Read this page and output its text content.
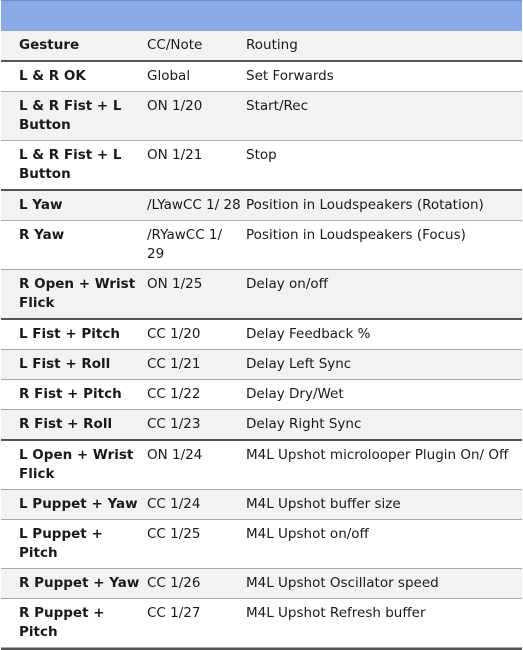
Gesture	CC/Note	Routing
L & R OK	Global	Set Forwards
L & R Fist + L Button	ON 1/20	Start/Rec
L & R Fist + L Button	ON 1/21	Stop
L Yaw	/LYawCC 1/ 28	Position in Loudspeakers (Rotation)
R Yaw	/RYawCC 1/ 29	Position in Loudspeakers (Focus)
R Open + Wrist Flick	ON 1/25	Delay on/off
L Fist + Pitch	CC 1/20	Delay Feedback %
L Fist + Roll	CC 1/21	Delay Left Sync
R Fist + Pitch	CC 1/22	Delay Dry/Wet
R Fist + Roll	CC 1/23	Delay Right Sync
L Open + Wrist Flick	ON 1/24	M4L Upshot microlooper Plugin On/ Off
L Puppet + Yaw	CC 1/24	M4L Upshot buffer size
L Puppet + Pitch	CC 1/25	M4L Upshot on/off
R Puppet + Yaw	CC 1/26	M4L Upshot Oscillator speed
R Puppet + Pitch	CC 1/27	M4L Upshot Refresh buffer
